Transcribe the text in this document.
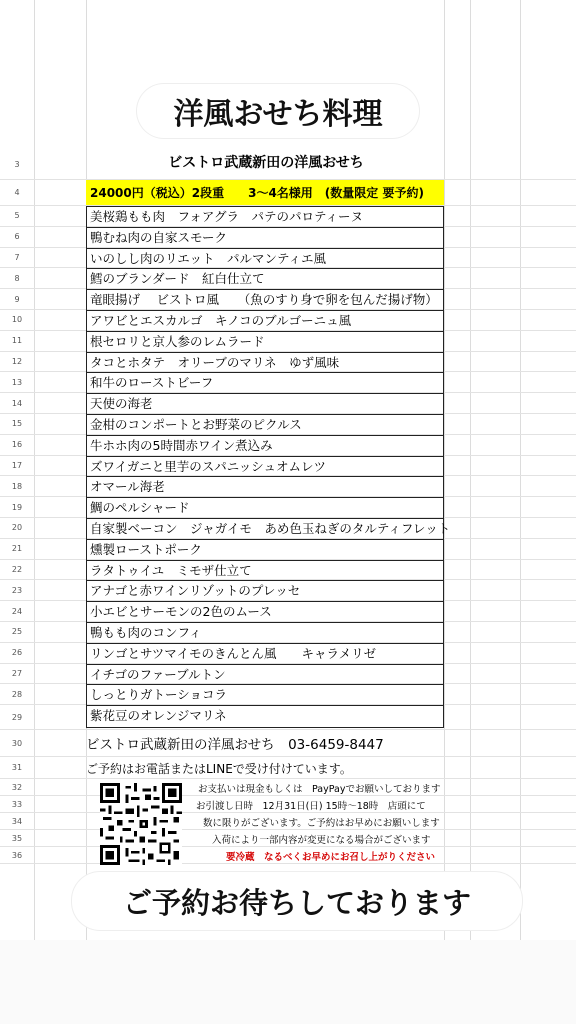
3
4
5
6
7
8
9
10
11
12
13
14
15
16
17
18
19
20
21
22
23
24
25
26
27
28
29
30
31
32
33
34
35
36
洋風おせち料理
ビストロ武蔵新田の洋風おせち
24000円（税込）2段重　　3〜4名様用　(数量限定 要予約)
美桜鶏もも肉　フォアグラ　パテのパロティーヌ
鴨むね肉の自家スモーク
いのしし肉のリエット　パルマンティエ風
鱈のブランダード　紅白仕立て
竜眼揚げ　 ビストロ風　　（魚のすり身で卵を包んだ揚げ物）
アワビとエスカルゴ　キノコのブルゴーニュ風
根セロリと京人参のレムラード
タコとホタテ　オリーブのマリネ　ゆず風味
和牛のローストビーフ
天使の海老
金柑のコンポートとお野菜のピクルス
牛ホホ肉の5時間赤ワイン煮込み
ズワイガニと里芋のスパニッシュオムレツ
オマール海老
鯛のペルシャード
自家製ベーコン　ジャガイモ　あめ色玉ねぎのタルティフレット
燻製ローストポーク
ラタトゥイユ　ミモザ仕立て
アナゴと赤ワインリゾットのプレッセ
小エビとサーモンの2色のムース
鴨もも肉のコンフィ
リンゴとサツマイモのきんとん風　　キャラメリゼ
イチゴのファーブルトン
しっとりガトーショコラ
紫花豆のオレンジマリネ
ビストロ武蔵新田の洋風おせち　03-6459-8447
ご予約はお電話またはLINEで受け付けています。
お支払いは現金もしくは　PayPayでお願いしております
お引渡し日時　12月31日(日) 15時〜18時　店頭にて
数に限りがございます。ご予約はお早めにお願いします
入荷により一部内容が変更になる場合がございます
要冷蔵　なるべくお早めにお召し上がりください
ご予約お待ちしております
